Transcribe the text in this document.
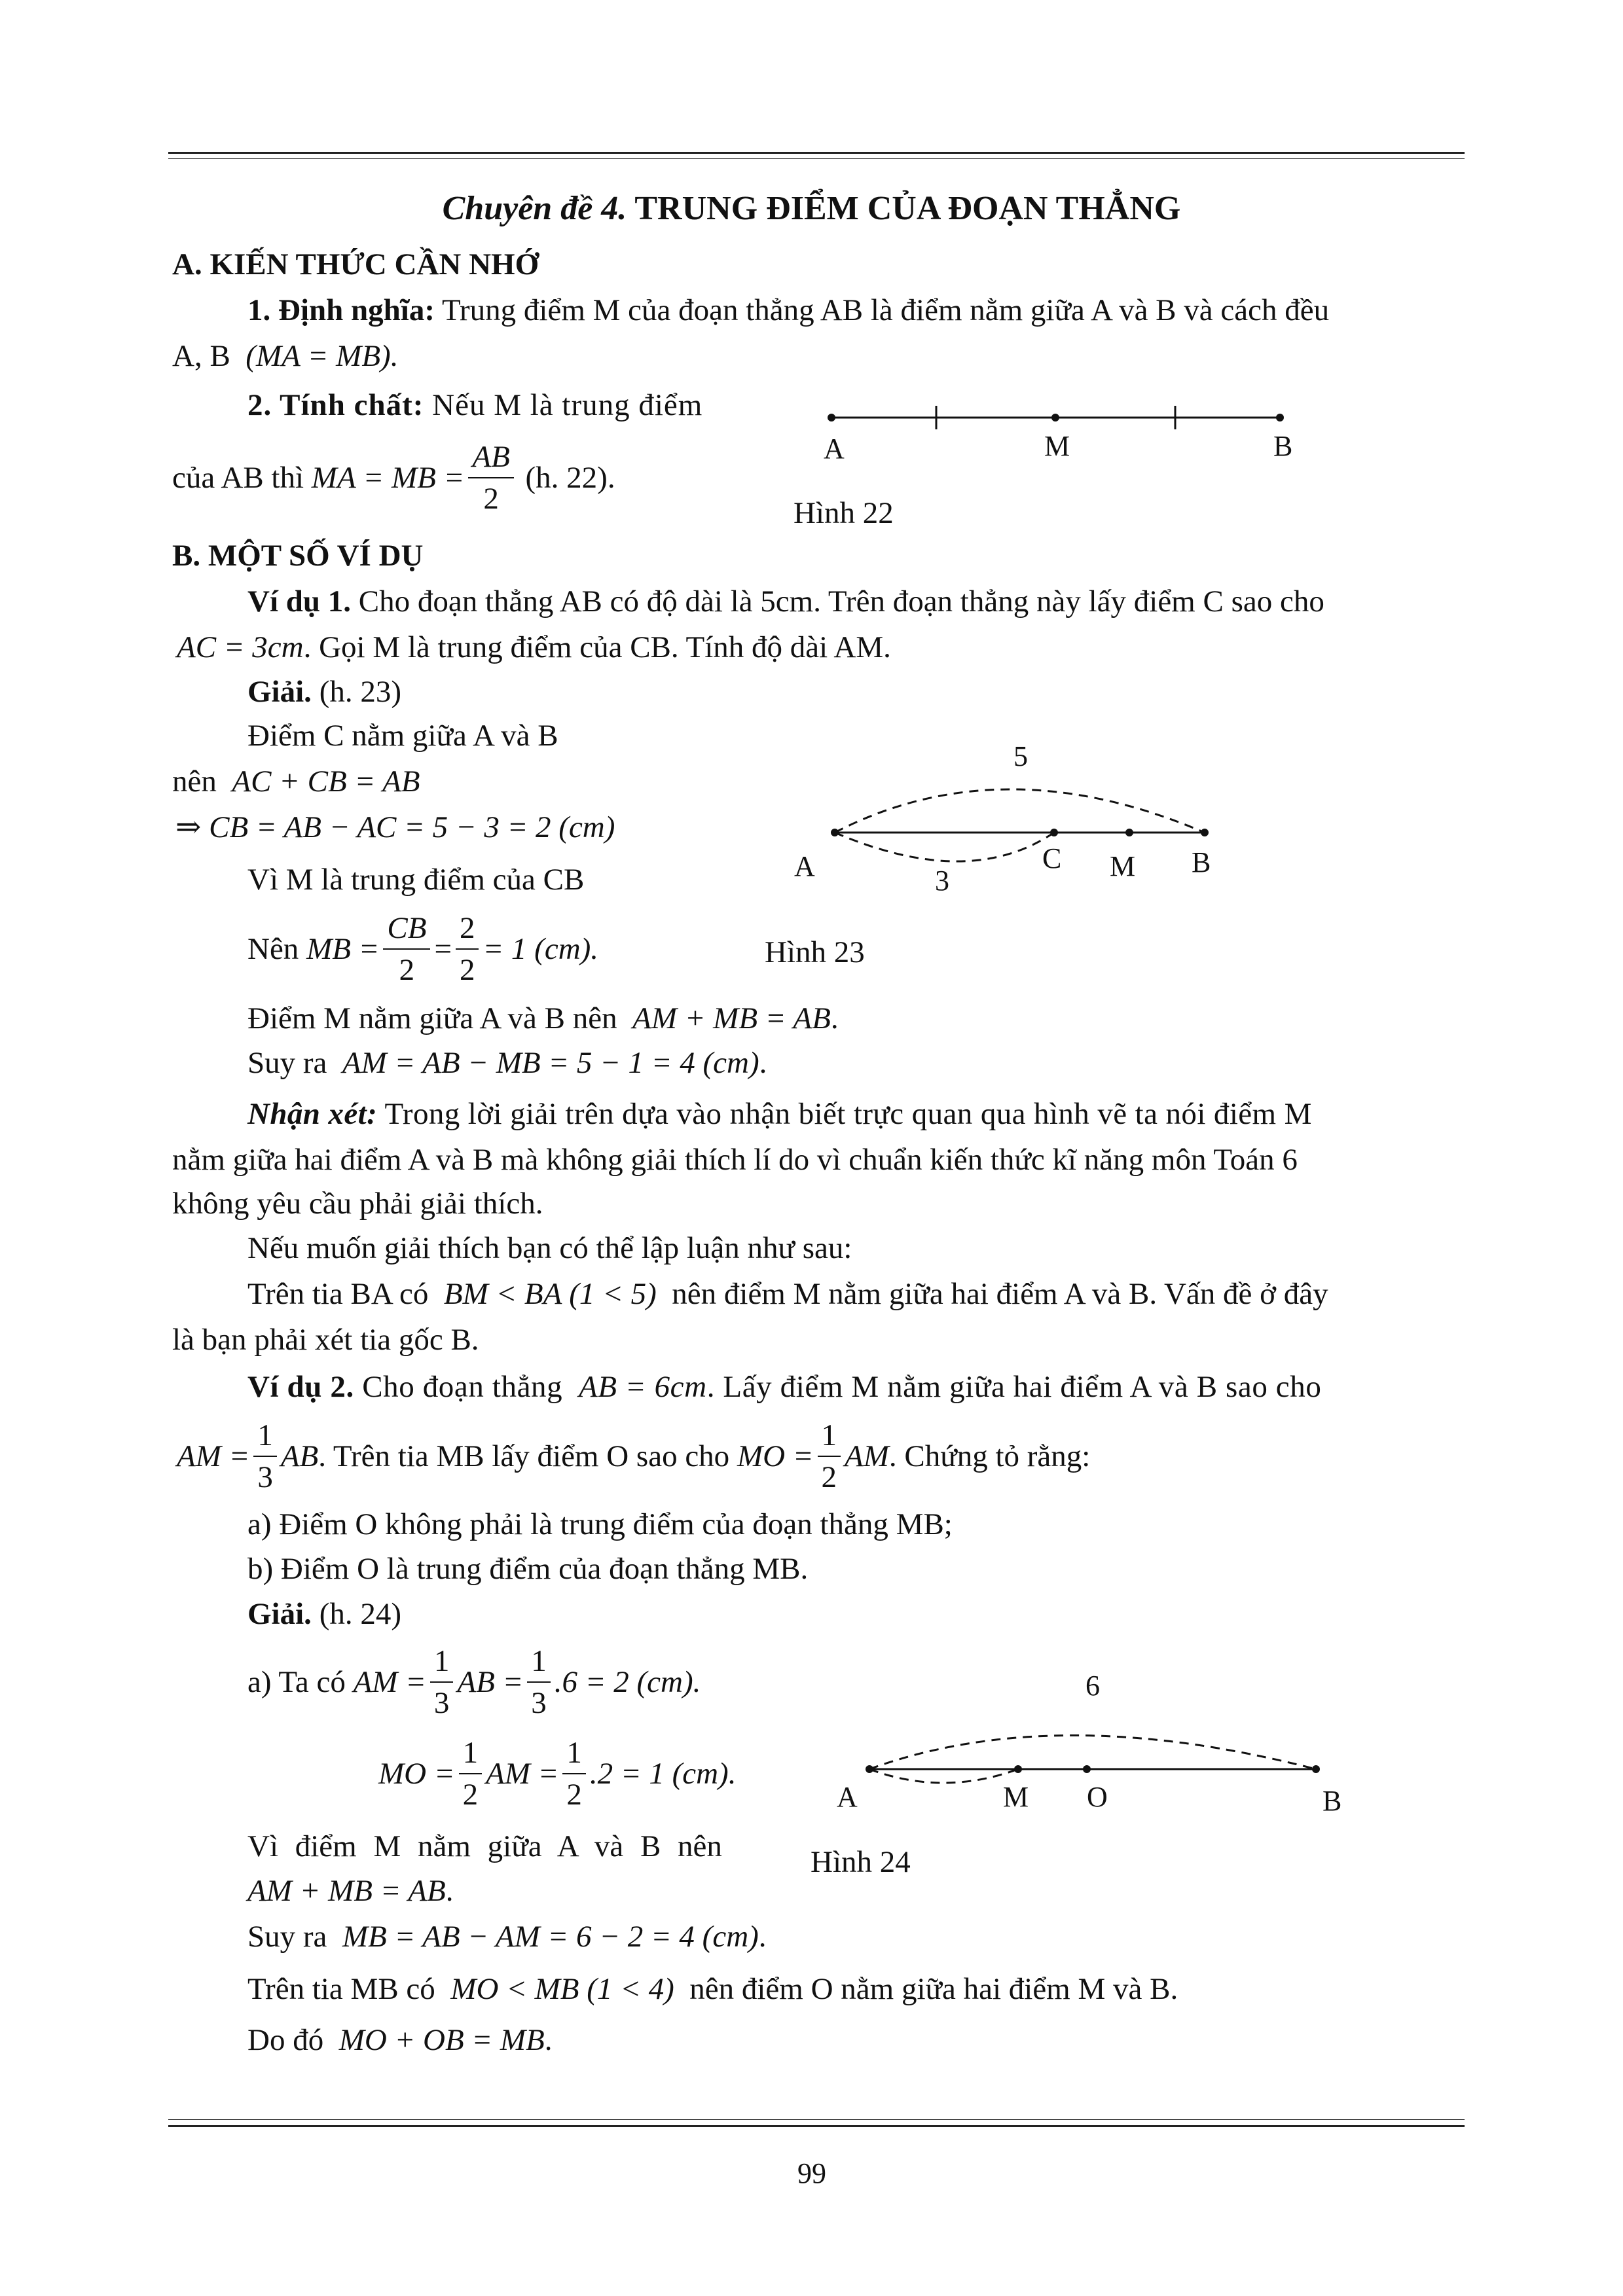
Chuyên đề 4. TRUNG ĐIỂM CỦA ĐOẠN THẲNG
A. KIẾN THỨC CẦN NHỚ
1. Định nghĩa: Trung điểm M của đoạn thẳng AB là điểm nằm giữa A và B và cách đều
A, B (MA = MB).
2. Tính chất: Nếu M là trung điểm
của AB thì
MA = MB = $\frac{AB}{2}$
(h. 22).
A	M	B
Hình 22
B. MỘT SỐ VÍ DỤ
Ví dụ 1. Cho đoạn thẳng AB có độ dài là 5cm. Trên đoạn thẳng này lấy điểm C sao cho
AC = 3cm. Gọi M là trung điểm của CB. Tính độ dài AM.
Giải. (h. 23)
Điểm C nằm giữa A và B
nên AC + CB = AB
⇒ CB = AB − AC = 5 − 3 = 2 (cm)
Vì M là trung điểm của CB
Nên
MB = $\frac{CB}{2} = \frac{2}{2} = 1$ (cm).
Điểm M nằm giữa A và B nên AM + MB = AB.
Suy ra AM = AB − MB = 5 − 1 = 4 (cm).
5
3
A	C M B
Hình 23
Nhận xét: Trong lời giải trên dựa vào nhận biết trực quan qua hình vẽ ta nói điểm M
nằm giữa hai điểm A và B mà không giải thích lí do vì chuẩn kiến thức kĩ năng môn Toán 6
không yêu cầu phải giải thích.
Nếu muốn giải thích bạn có thể lập luận như sau:
Trên tia BA có BM < BA (1 < 5) nên điểm M nằm giữa hai điểm A và B. Vấn đề ở đây
là bạn phải xét tia gốc B.
Ví dụ 2. Cho đoạn thẳng AB = 6cm. Lấy điểm M nằm giữa hai điểm A và B sao cho
AM = $\frac{1}{3}$ AB . Trên tia MB lấy điểm O sao cho
MO = $\frac{1}{2}$ AM . Chứng tỏ rằng:
a) Điểm O không phải là trung điểm của đoạn thẳng MB;
b) Điểm O là trung điểm của đoạn thẳng MB.
Giải. (h. 24)
a) Ta có
AM = $\frac{1}{3}$ AB = $\frac{1}{3} .6 = 2$ (cm).
MO = $\frac{1}{2}$ AM = $\frac{1}{2} .2 = 1$ (cm).
Vì điểm M nằm giữa A và B nên
AM + MB = AB.
Suy ra MB = AB − AM = 6 − 2 = 4 (cm).
Trên tia MB có MO < MB (1 < 4) nên điểm O nằm giữa hai điểm M và B.
Do đó MO + OB = MB.
6
A	M O	B
Hình 24
99
